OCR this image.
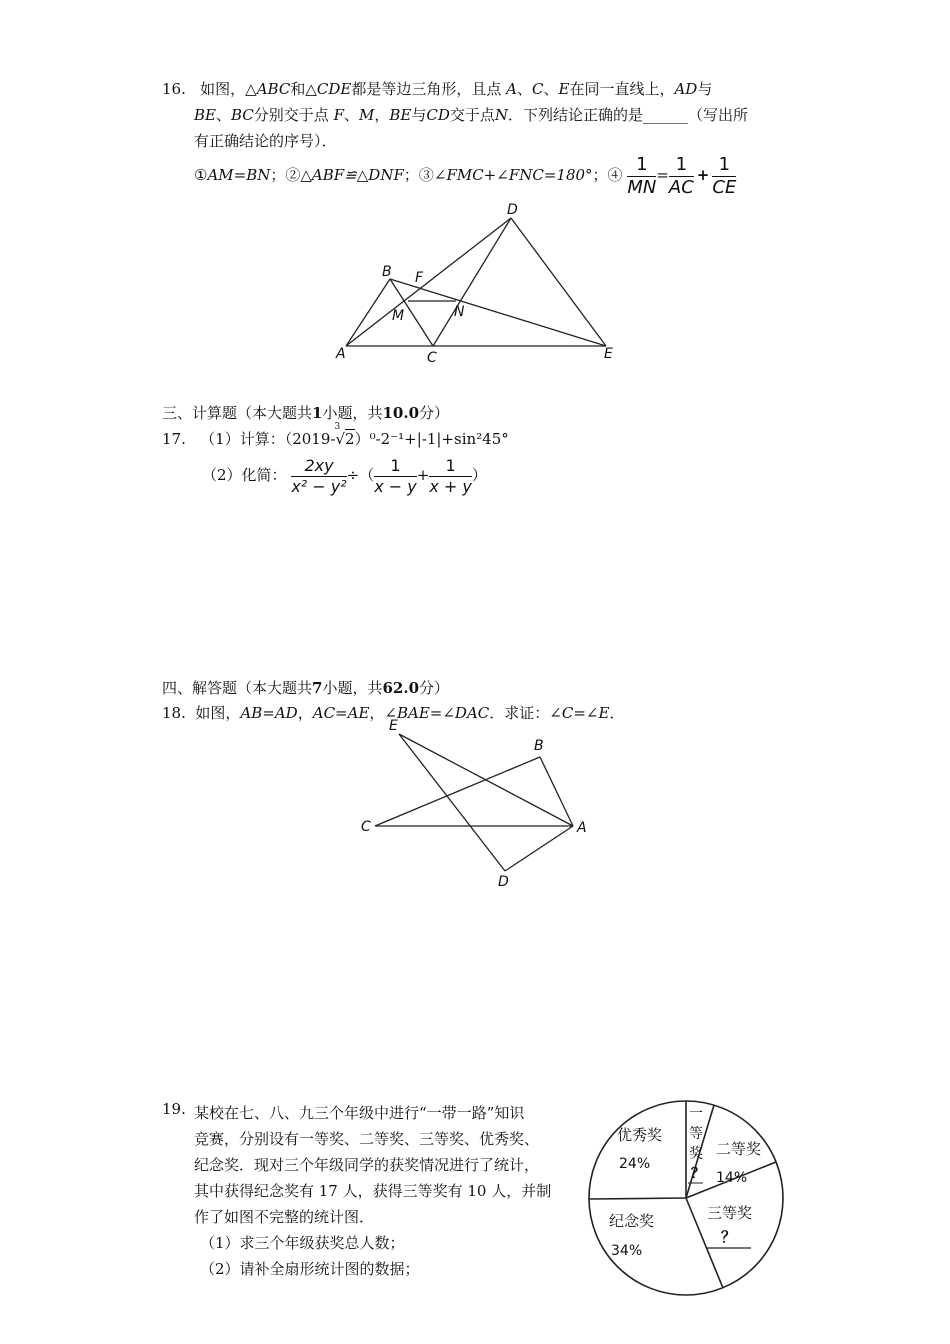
16. 如图，△ABC和△CDE都是等边三角形，且点 A、C、E在同一直线上，AD与
BE、BC分别交于点 F、M，BE与CD交于点N．下列结论正确的是______（写出所
有正确结论的序号）．
①AM=BN；②△ABF≌△DNF；③∠FMC+∠FNC=180°；④ $\frac{1}{MN} = \frac{1}{AC} + \frac{1}{CE}$
A
B
C
D
E
F
M	N
三、计算题（本大题共1小题，共10.0分）
17. （1）计算：（2019-
3
√2）⁰-2⁻¹+|-1|+sin²45°
（2）化简： $\frac{2xy}{\text{x² − y²}}$ ÷（ $\frac{1}{x - y} + \frac{1}{x + y}$ ）
四、解答题（本大题共7小题，共62.0分）
18. 如图，AB=AD，AC=AE，∠BAE=∠DAC．求证：∠C=∠E．
E
B
C	A
D
19. 某校在七、八、九三个年级中进行“一带一路”知识
竞赛，分别设有一等奖、二等奖、三等奖、优秀奖、
纪念奖．现对三个年级同学的获奖情况进行了统计，
其中获得纪念奖有 17 人，获得三等奖有 10 人，并制
作了如图不完整的统计图．
（1）求三个年级获奖总人数；
（2）请补全扇形统计图的数据；
优秀奖
24%
一
等
奖
？
二等奖
14%
三等奖
？
纪念奖
34%
